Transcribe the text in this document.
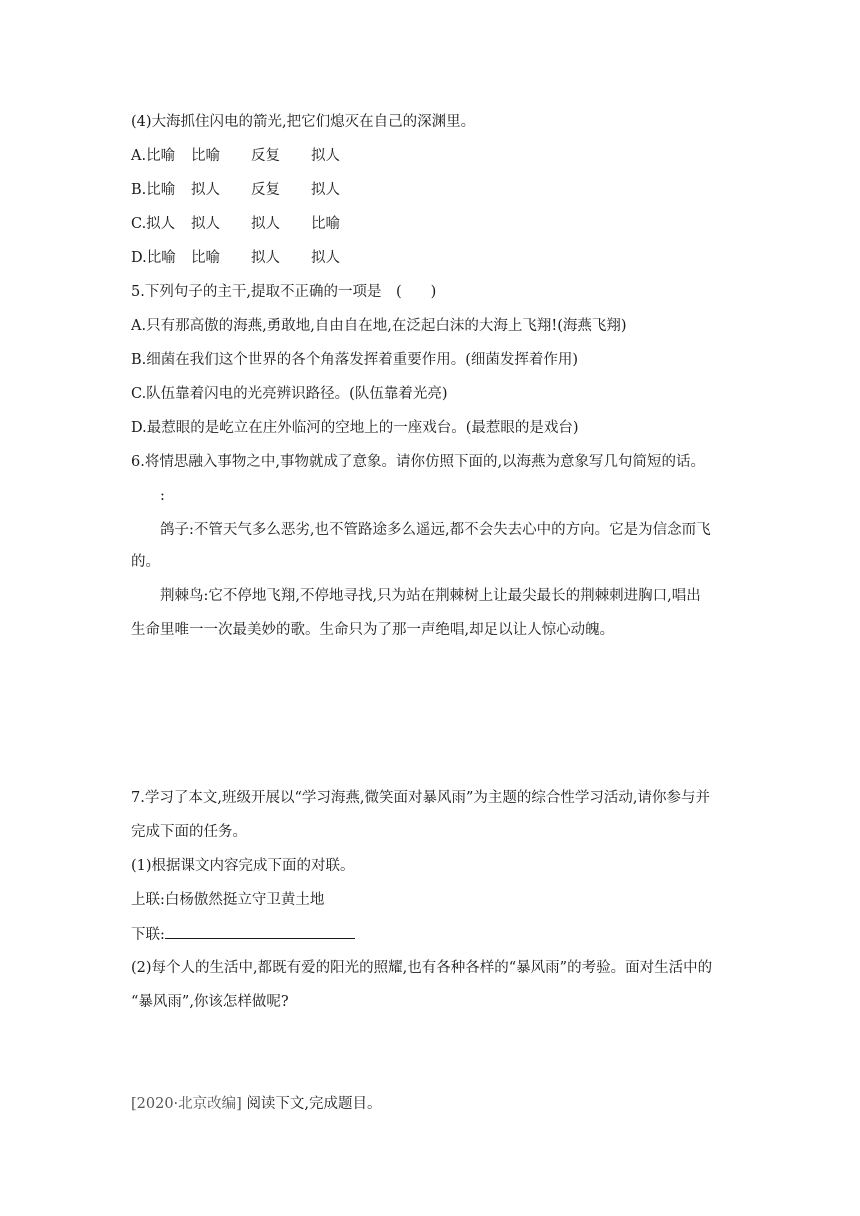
(4)大海抓住闪电的箭光,把它们熄灭在自己的深渊里。
A.比喻 比喻 反复 拟人
B.比喻 拟人 反复 拟人
C.拟人 拟人 拟人 比喻
D.比喻 比喻 拟人 拟人
5.下列句子的主干,提取不正确的一项是　(　　)
A.只有那高傲的海燕,勇敢地,自由自在地,在泛起白沫的大海上飞翔!(海燕飞翔)
B.细菌在我们这个世界的各个角落发挥着重要作用。(细菌发挥着作用)
C.队伍靠着闪电的光亮辨识路径。(队伍靠着光亮)
D.最惹眼的是屹立在庄外临河的空地上的一座戏台。(最惹眼的是戏台)
6.将情思融入事物之中,事物就成了意象。请你仿照下面的,以海燕为意象写几句简短的话。
:
鸽子:不管天气多么恶劣,也不管路途多么遥远,都不会失去心中的方向。它是为信念而飞
的。
荆棘鸟:它不停地飞翔,不停地寻找,只为站在荆棘树上让最尖最长的荆棘刺进胸口,唱出
生命里唯一一次最美妙的歌。生命只为了那一声绝唱,却足以让人惊心动魄。
7.学习了本文,班级开展以“学习海燕,微笑面对暴风雨”为主题的综合性学习活动,请你参与并
完成下面的任务。
(1)根据课文内容完成下面的对联。
上联:白杨傲然挺立守卫黄土地
下联:
(2)每个人的生活中,都既有爱的阳光的照耀,也有各种各样的“暴风雨”的考验。面对生活中的
“暴风雨”,你该怎样做呢?
[2020·北京改编] 阅读下文,完成题目。
